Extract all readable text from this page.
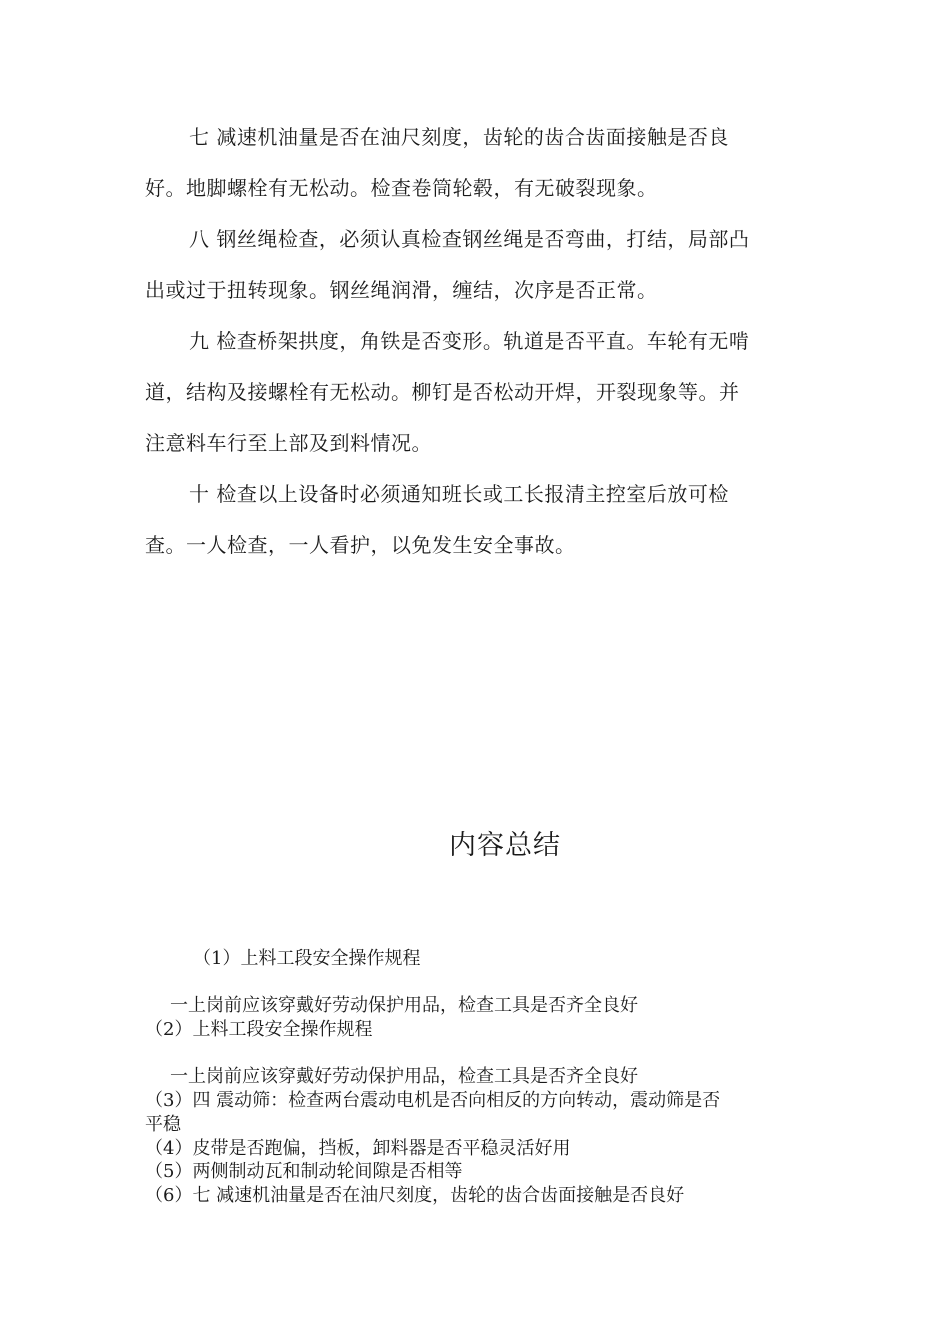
七 减速机油量是否在油尺刻度，齿轮的齿合齿面接触是否良
好。地脚螺栓有无松动。检查卷筒轮毂，有无破裂现象。

八 钢丝绳检查，必须认真检查钢丝绳是否弯曲，打结，局部凸
出或过于扭转现象。钢丝绳润滑，缠结，次序是否正常。

九 检查桥架拱度，角铁是否变形。轨道是否平直。车轮有无啃
道，结构及接螺栓有无松动。柳钉是否松动开焊，开裂现象等。并
注意料车行至上部及到料情况。

十 检查以上设备时必须通知班长或工长报清主控室后放可检
查。一人检查，一人看护，以免发生安全事故。

内容总结

（1）上料工段安全操作规程

一上岗前应该穿戴好劳动保护用品，检查工具是否齐全良好

（2）上料工段安全操作规程

一上岗前应该穿戴好劳动保护用品，检查工具是否齐全良好

（3）四 震动筛：检查两台震动电机是否向相反的方向转动，震动筛是否

平稳

（4）皮带是否跑偏，挡板，卸料器是否平稳灵活好用

（5）两侧制动瓦和制动轮间隙是否相等

（6）七 减速机油量是否在油尺刻度，齿轮的齿合齿面接触是否良好
